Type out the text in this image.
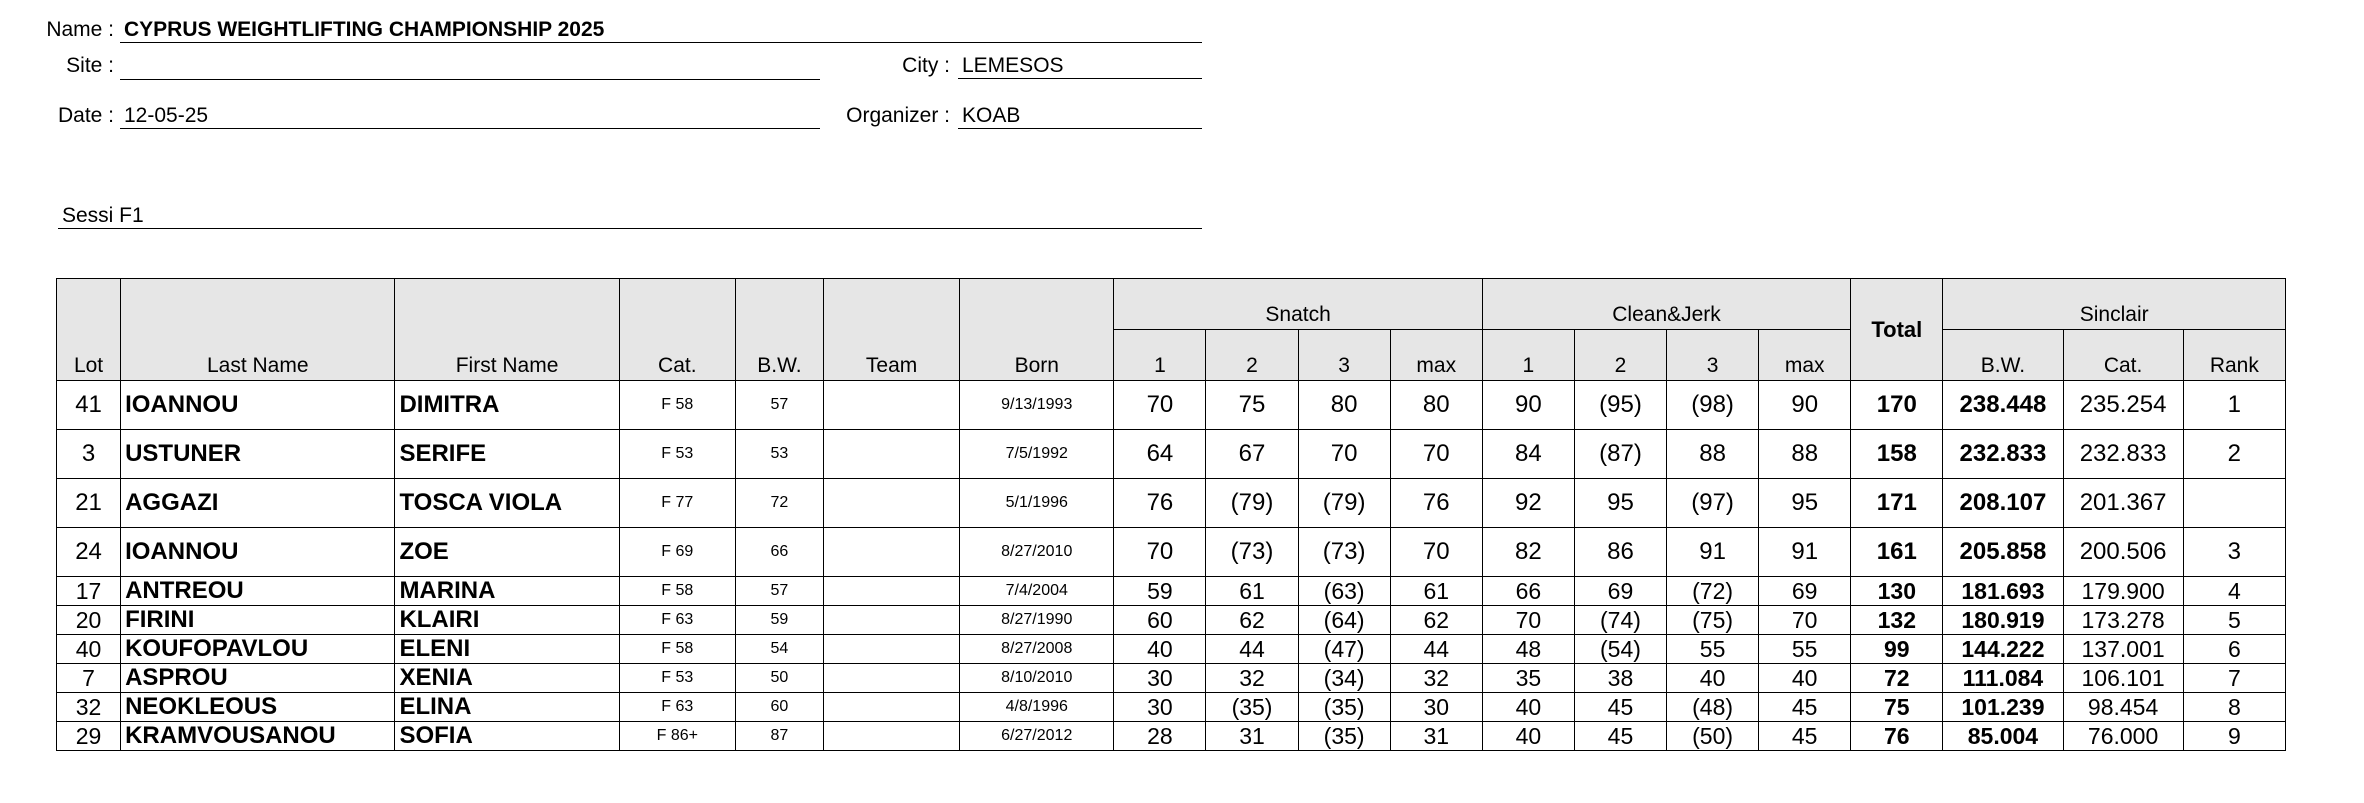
Name : CYPRUS WEIGHTLIFTING CHAMPIONSHIP 2025
Site :	City : LEMESOS
Date : 12-05-25	Organizer : KOAB
Sessi F1
Lot	Last Name	First Name	Cat.	B.W.	Team	Born	Snatch				Clean&Jerk				Total	Sinclair		
							1	2	3	max	1	2	3	max		B.W.	Cat.	Rank
41	IOANNOU	DIMITRA	F 58	57		9/13/1993	70	75	80	80	90	(95)	(98)	90	170	238.448	235.254	1
3	USTUNER	SERIFE	F 53	53		7/5/1992	64	67	70	70	84	(87)	88	88	158	232.833	232.833	2
21	AGGAZI	TOSCA VIOLA	F 77	72		5/1/1996	76	(79)	(79)	76	92	95	(97)	95	171	208.107	201.367	
24	IOANNOU	ZOE	F 69	66		8/27/2010	70	(73)	(73)	70	82	86	91	91	161	205.858	200.506	3
17	ANTREOU	MARINA	F 58	57		7/4/2004	59	61	(63)	61	66	69	(72)	69	130	181.693	179.900	4
20	FIRINI	KLAIRI	F 63	59		8/27/1990	60	62	(64)	62	70	(74)	(75)	70	132	180.919	173.278	5
40	KOUFOPAVLOU	ELENI	F 58	54		8/27/2008	40	44	(47)	44	48	(54)	55	55	99	144.222	137.001	6
7	ASPROU	XENIA	F 53	50		8/10/2010	30	32	(34)	32	35	38	40	40	72	111.084	106.101	7
32	NEOKLEOUS	ELINA	F 63	60		4/8/1996	30	(35)	(35)	30	40	45	(48)	45	75	101.239	98.454	8
29	KRAMVOUSANOU	SOFIA	F 86+	87		6/27/2012	28	31	(35)	31	40	45	(50)	45	76	85.004	76.000	9
